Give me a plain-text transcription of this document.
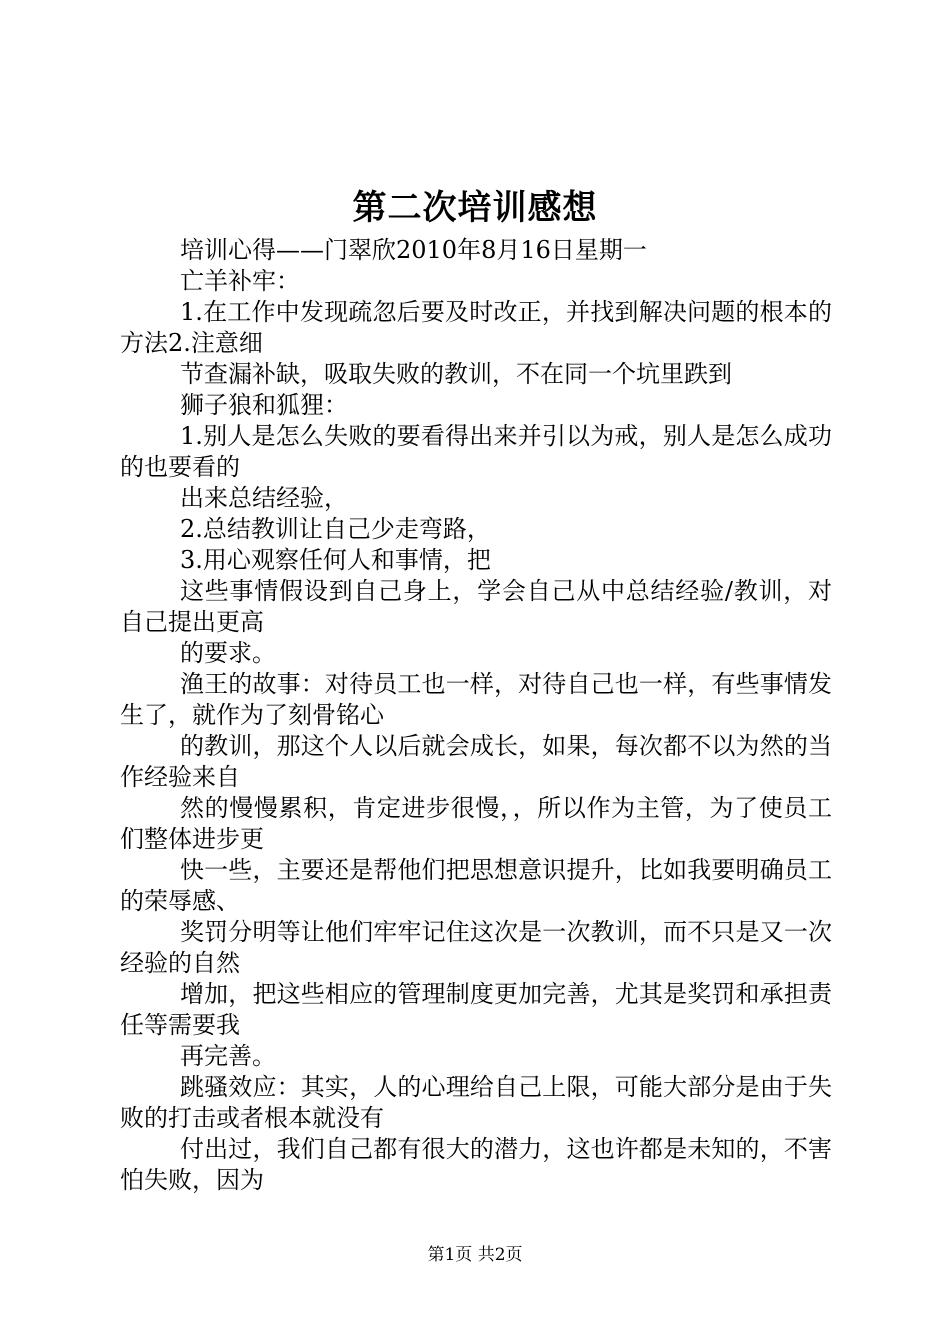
第二次培训感想

培训心得——门翠欣2010年8月16日星期一

亡羊补牢：

1.在工作中发现疏忽后要及时改正，并找到解决问题的根本的方法2.注意细

节查漏补缺，吸取失败的教训，不在同一个坑里跌到

狮子狼和狐狸：

1.别人是怎么失败的要看得出来并引以为戒，别人是怎么成功的也要看的

出来总结经验，

2.总结教训让自己少走弯路，

3.用心观察任何人和事情，把

这些事情假设到自己身上，学会自己从中总结经验/教训，对自己提出更高

的要求。

渔王的故事：对待员工也一样，对待自己也一样，有些事情发生了，就作为了刻骨铭心

的教训，那这个人以后就会成长，如果，每次都不以为然的当作经验来自

然的慢慢累积，肯定进步很慢，，所以作为主管，为了使员工们整体进步更

快一些，主要还是帮他们把思想意识提升，比如我要明确员工的荣辱感、

奖罚分明等让他们牢牢记住这次是一次教训，而不只是又一次经验的自然

增加，把这些相应的管理制度更加完善，尤其是奖罚和承担责任等需要我

再完善。

跳骚效应：其实，人的心理给自己上限，可能大部分是由于失败的打击或者根本就没有

付出过，我们自己都有很大的潜力，这也许都是未知的，不害怕失败，因为

第1页 共2页
